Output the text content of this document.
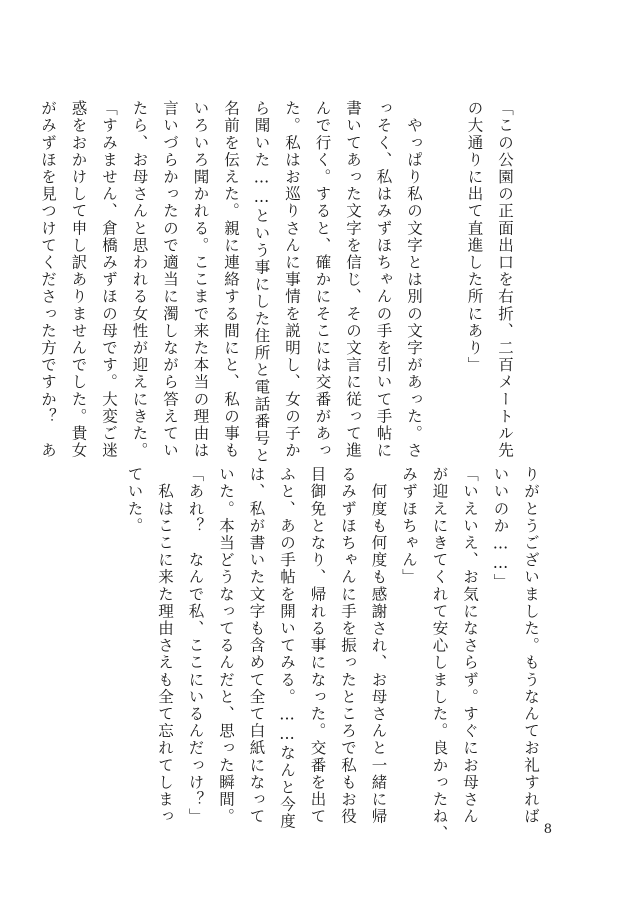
「この公園の正面出口を右折、二百メートル先
の大通りに出て直進した所にあり」
　やっぱり私の文字とは別の文字があった。さ
っそく、私はみずほちゃんの手を引いて手帖に
書いてあった文字を信じ、その文言に従って進
んで行く。すると、確かにそこには交番があっ
た。私はお巡りさんに事情を説明し、女の子か
ら聞いた……という事にした住所と電話番号と
名前を伝えた。親に連絡する間にと、私の事も
いろいろ聞かれる。ここまで来た本当の理由は
言いづらかったので適当に濁しながら答えてい
たら、お母さんと思われる女性が迎えにきた。
「すみません、倉橋みずほの母です。大変ご迷
惑をおかけして申し訳ありませんでした。貴女
がみずほを見つけてくださった方ですか？　あ
りがとうございました。もうなんてお礼すれば
いいのか……」
「いえいえ、お気になさらず。すぐにお母さん
が迎えにきてくれて安心しました。良かったね、
みずほちゃん」
　何度も何度も感謝され、お母さんと一緒に帰
るみずほちゃんに手を振ったところで私もお役
目御免となり、帰れる事になった。交番を出て
ふと、あの手帖を開いてみる。……なんと今度
は、私が書いた文字も含めて全て白紙になって
いた。本当どうなってるんだと、思った瞬間。
「あれ？　なんで私、ここにいるんだっけ？」
　私はここに来た理由さえも全て忘れてしまっ
ていた。
8
